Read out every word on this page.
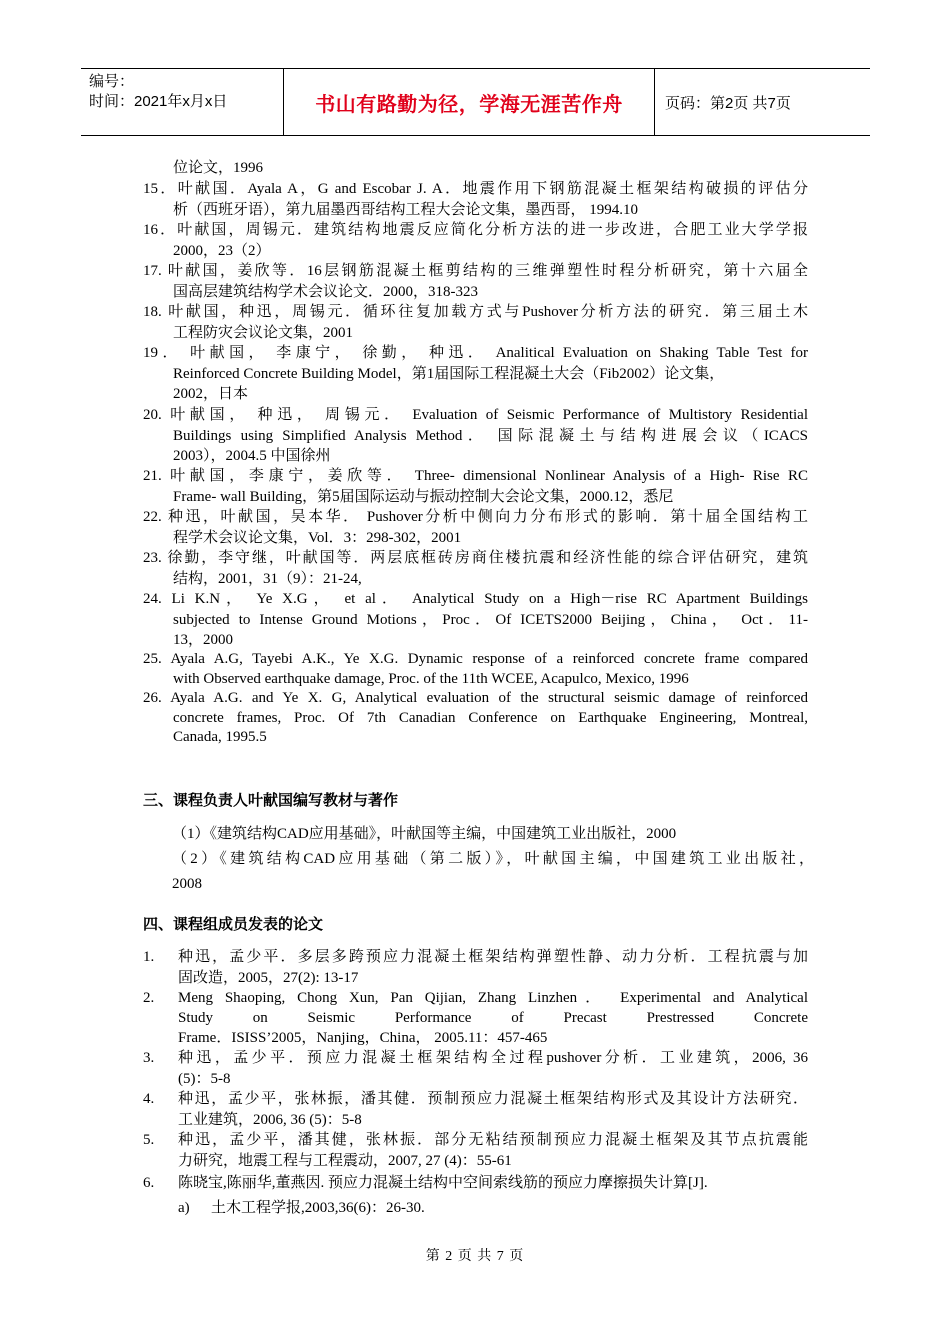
编号：
时间：2021年x月x日	书山有路勤为径，学海无涯苦作舟	页码：第2页 共7页
位论文，1996
15．叶献国．Ayala A，G and Escobar J. A．地震作用下钢筋混凝土框架结构破损的评估分
析（西班牙语），第九届墨西哥结构工程大会论文集，墨西哥， 1994.10
16．叶献国，周锡元．建筑结构地震反应简化分析方法的进一步改进，合肥工业大学学报
2000，23（2）
17. 叶献国，姜欣等．16层钢筋混凝土框剪结构的三维弹塑性时程分析研究，第十六届全
国高层建筑结构学术会议论文．2000，318-323
18. 叶献国，种迅，周锡元．循环往复加载方式与Pushover分析方法的研究．第三届土木
工程防灾会议论文集，2001
19． 叶献国， 李康宁， 徐勤， 种迅． Analitical Evaluation on Shaking Table Test for
Reinforced Concrete Building Model，第1届国际工程混凝土大会（Fib2002）论文集，
2002，日本
20. 叶献国， 种迅， 周锡元． Evaluation of Seismic Performance of Multistory Residential
Buildings using Simplified Analysis Method． 国际混凝土与结构进展会议（ICACS
2003），2004.5 中国徐州
21. 叶献国，李康宁，姜欣等． Three- dimensional Nonlinear Analysis of a High- Rise RC
Frame- wall Building，第5届国际运动与振动控制大会论文集，2000.12，悉尼
22. 种迅，叶献国，吴本华． Pushover分析中侧向力分布形式的影响．第十届全国结构工
程学术会议论文集，Vol．3：298-302，2001
23. 徐勤，李守继，叶献国等．两层底框砖房商住楼抗震和经济性能的综合评估研究，建筑
结构，2001，31（9）：21-24,
24. Li K.N， Ye X.G， et al． Analytical Study on a High－rise RC Apartment Buildings
subjected to Intense Ground Motions，Proc．Of ICETS2000 Beijing，China， Oct．11-
13，2000
25. Ayala A.G, Tayebi A.K., Ye X.G. Dynamic response of a reinforced concrete frame compared
with Observed earthquake damage, Proc. of the 11th WCEE, Acapulco, Mexico, 1996
26. Ayala A.G. and Ye X. G, Analytical evaluation of the structural seismic damage of reinforced
concrete frames, Proc. Of 7th Canadian Conference on Earthquake Engineering, Montreal,
Canada, 1995.5
三、课程负责人叶献国编写教材与著作
（1）《建筑结构CAD应用基础》，叶献国等主编，中国建筑工业出版社，2000
（2）《建筑结构CAD应用基础（第二版）》，叶献国主编，中国建筑工业出版社，
2008
四、课程组成员发表的论文
1. 种迅，孟少平．多层多跨预应力混凝土框架结构弹塑性静、动力分析．工程抗震与加
固改造，2005，27(2): 13-17
2. Meng Shaoping, Chong Xun, Pan Qijian, Zhang Linzhen． Experimental and Analytical
Study on Seismic Performance of Precast Prestressed Concrete
Frame．ISISS’2005，Nanjing，China， 2005.11：457-465
3. 种迅，孟少平．预应力混凝土框架结构全过程pushover分析．工业建筑，2006, 36
(5)：5-8
4. 种迅，孟少平，张林振，潘其健．预制预应力混凝土框架结构形式及其设计方法研究．
工业建筑，2006, 36 (5)：5-8
5. 种迅，孟少平，潘其健，张林振．部分无粘结预制预应力混凝土框架及其节点抗震能
力研究，地震工程与工程震动，2007, 27 (4)：55-61
6. 陈晓宝,陈丽华,董燕因. 预应力混凝土结构中空间索线筋的预应力摩擦损失计算[J].
a) 土木工程学报,2003,36(6)：26-30.
第 2 页 共 7 页
